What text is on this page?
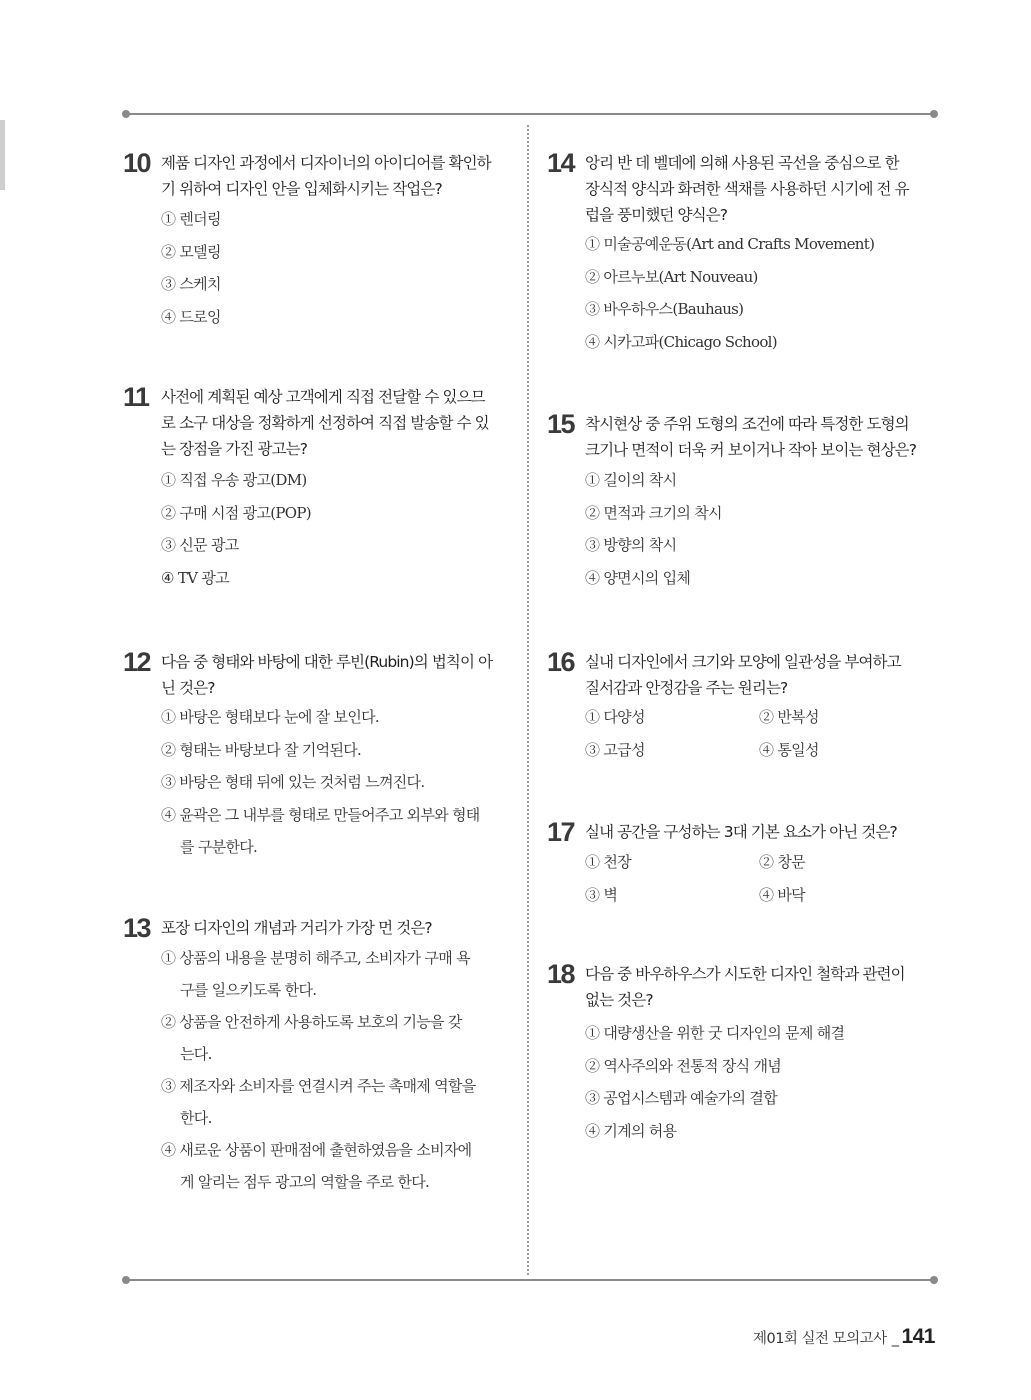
10 제품 디자인 과정에서 디자이너의 아이디어를 확인하
기 위하여 디자인 안을 입체화시키는 작업은?
① 렌더링
② 모델링
③ 스케치
④ 드로잉
11 사전에 계획된 예상 고객에게 직접 전달할 수 있으므
로 소구 대상을 정확하게 선정하여 직접 발송할 수 있
는 장점을 가진 광고는?
① 직접 우송 광고(DM)
② 구매 시점 광고(POP)
③ 신문 광고
④ TV 광고
12 다음 중 형태와 바탕에 대한 루빈(Rubin)의 법칙이 아
닌 것은?
① 바탕은 형태보다 눈에 잘 보인다.
② 형태는 바탕보다 잘 기억된다.
③ 바탕은 형태 뒤에 있는 것처럼 느껴진다.
④ 윤곽은 그 내부를 형태로 만들어주고 외부와 형태
를 구분한다.
13 포장 디자인의 개념과 거리가 가장 먼 것은?
① 상품의 내용을 분명히 해주고, 소비자가 구매 욕
구를 일으키도록 한다.
② 상품을 안전하게 사용하도록 보호의 기능을 갖
는다.
③ 제조자와 소비자를 연결시켜 주는 촉매제 역할을
한다.
④ 새로운 상품이 판매점에 출현하였음을 소비자에
게 알리는 점두 광고의 역할을 주로 한다.
14 앙리 반 데 벨데에 의해 사용된 곡선을 중심으로 한
장식적 양식과 화려한 색채를 사용하던 시기에 전 유
럽을 풍미했던 양식은?
① 미술공예운동(Art and Crafts Movement)
② 아르누보(Art Nouveau)
③ 바우하우스(Bauhaus)
④ 시카고파(Chicago School)
15 착시현상 중 주위 도형의 조건에 따라 특정한 도형의
크기나 면적이 더욱 커 보이거나 작아 보이는 현상은?
① 길이의 착시
② 면적과 크기의 착시
③ 방향의 착시
④ 양면시의 입체
16 실내 디자인에서 크기와 모양에 일관성을 부여하고
질서감과 안정감을 주는 원리는?
① 다양성	② 반복성
③ 고급성	④ 통일성
17 실내 공간을 구성하는 3대 기본 요소가 아닌 것은?
① 천장	② 창문
③ 벽	④ 바닥
18 다음 중 바우하우스가 시도한 디자인 철학과 관련이
없는 것은?
① 대량생산을 위한 굿 디자인의 문제 해결
② 역사주의와 전통적 장식 개념
③ 공업시스템과 예술가의 결합
④ 기계의 허용
제01회 실전 모의고사 _ 141
